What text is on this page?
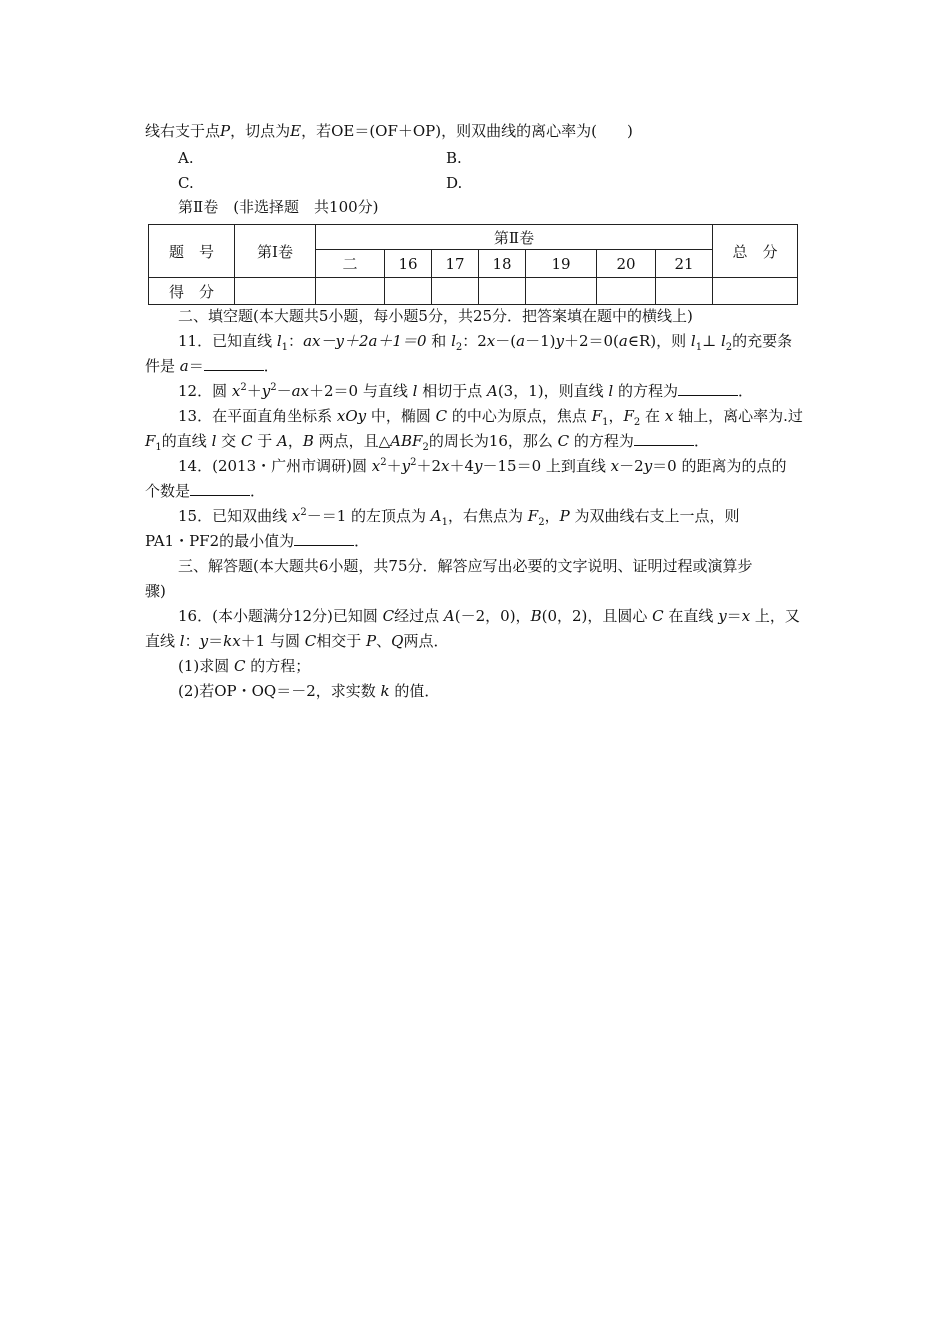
线右支于点P，切点为E，若OE＝(OF＋OP)，则双曲线的离心率为(　　)
A.	B.
C.	D.
第Ⅱ卷　(非选择题　共100分)
题　号	第Ⅰ卷	第Ⅱ卷							总　分
		二	16	17	18	19	20	21	
得　分									
二、填空题(本大题共5小题，每小题5分，共25分．把答案填在题中的横线上)
11．已知直线 $l_1$：ax－y＋2a＋1＝0 和 $l_2$：2x－(a－1)y＋2＝0(a∈R)，则 $l_1\perp$ $l_2$的充要条
件是 a＝	．
12．圆 $x^2+y^2-ax+2=0$ 与直线 l 相切于点 A(3，1)，则直线 l 的方程为	．
13．在平面直角坐标系 xOy 中，椭圆 C 的中心为原点，焦点 $F_1$，$F_2$ 在 x 轴上，离心率为.过
$F_1$的直线 l 交 C 于 A，B 两点，且$\triangle ABF_2$的周长为16，那么 C 的方程为	．
14．(2013・广州市调研)圆 $x^2+y^2+2x+4y-15=0$ 上到直线 x－2y＝0 的距离为的点的
个数是	．
15．已知双曲线 $x^2-=1$ 的左顶点为 $A_1$，右焦点为 $F_2$，P 为双曲线右支上一点，则
PA1・PF2的最小值为	．
三、解答题(本大题共6小题，共75分．解答应写出必要的文字说明、证明过程或演算步
骤)
16．(本小题满分12分)已知圆 C经过点 A(－2，0)，B(0，2)，且圆心 C 在直线 y＝x 上，又
直线 l：y＝kx＋1 与圆 C相交于 P、Q两点．
(1)求圆 C 的方程；
(2)若OP・OQ＝－2，求实数 k 的值．
